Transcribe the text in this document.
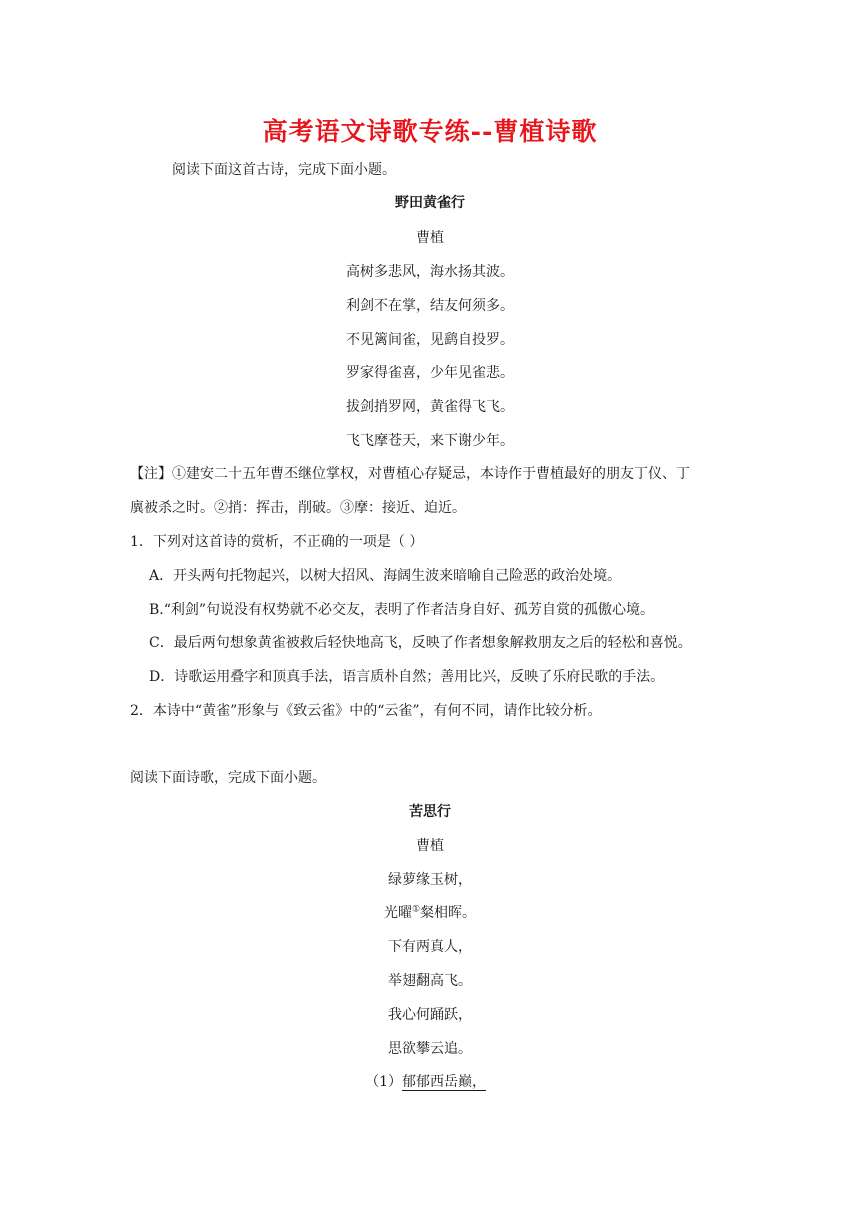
高考语文诗歌专练--曹植诗歌
阅读下面这首古诗，完成下面小题。
野田黄雀行
曹植
高树多悲风，海水扬其波。
利剑不在掌，结友何须多。
不见篱间雀，见鹞自投罗。
罗家得雀喜，少年见雀悲。
拔剑捎罗网，黄雀得飞飞。
飞飞摩苍天，来下谢少年。
【注】①建安二十五年曹丕继位掌权，对曹植心存疑忌，本诗作于曹植最好的朋友丁仪、丁
廙被杀之时。②捎：挥击，削破。③摩：接近、迫近。
1．下列对这首诗的赏析，不正确的一项是（ ）
A．开头两句托物起兴，以树大招风、海阔生波来暗喻自己险恶的政治处境。
B.“利剑”句说没有权势就不必交友，表明了作者洁身自好、孤芳自赏的孤傲心境。
C．最后两句想象黄雀被救后轻快地高飞，反映了作者想象解救朋友之后的轻松和喜悦。
D．诗歌运用叠字和顶真手法，语言质朴自然；善用比兴，反映了乐府民歌的手法。
2．本诗中“黄雀”形象与《致云雀》中的“云雀”，有何不同，请作比较分析。
阅读下面诗歌，完成下面小题。
苦思行
曹植
绿萝缘玉树，
光曜①粲相晖。
下有两真人，
举翅翻高飞。
我心何踊跃，
思欲攀云追。
（1）郁郁西岳巅，
